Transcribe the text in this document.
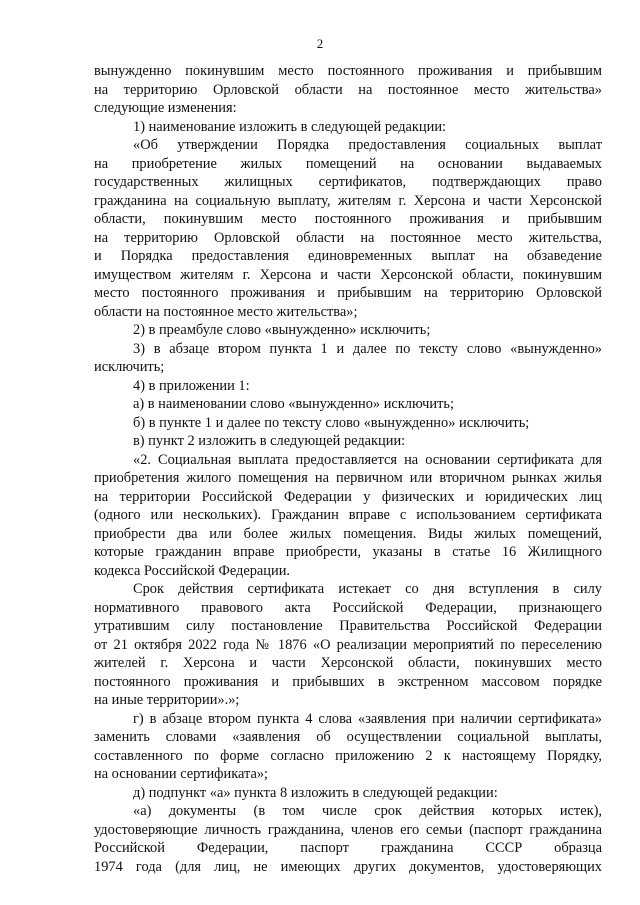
2
вынужденно покинувшим место постоянного проживания и прибывшим
на территорию Орловской области на постоянное место жительства»
следующие изменения:
1) наименование изложить в следующей редакции:
«Об утверждении Порядка предоставления социальных выплат
на приобретение жилых помещений на основании выдаваемых
государственных жилищных сертификатов, подтверждающих право
гражданина на социальную выплату, жителям г. Херсона и части Херсонской
области, покинувшим место постоянного проживания и прибывшим
на территорию Орловской области на постоянное место жительства,
и Порядка предоставления единовременных выплат на обзаведение
имуществом жителям г. Херсона и части Херсонской области, покинувшим
место постоянного проживания и прибывшим на территорию Орловской
области на постоянное место жительства»;
2) в преамбуле слово «вынужденно» исключить;
3) в абзаце втором пункта 1 и далее по тексту слово «вынужденно»
исключить;
4) в приложении 1:
а) в наименовании слово «вынужденно» исключить;
б) в пункте 1 и далее по тексту слово «вынужденно» исключить;
в) пункт 2 изложить в следующей редакции:
«2. Социальная выплата предоставляется на основании сертификата для
приобретения жилого помещения на первичном или вторичном рынках жилья
на территории Российской Федерации у физических и юридических лиц
(одного или нескольких). Гражданин вправе с использованием сертификата
приобрести два или более жилых помещения. Виды жилых помещений,
которые гражданин вправе приобрести, указаны в статье 16 Жилищного
кодекса Российской Федерации.
Срок действия сертификата истекает со дня вступления в силу
нормативного правового акта Российской Федерации, признающего
утратившим силу постановление Правительства Российской Федерации
от 21 октября 2022 года № 1876 «О реализации мероприятий по переселению
жителей г. Херсона и части Херсонской области, покинувших место
постоянного проживания и прибывших в экстренном массовом порядке
на иные территории».»;
г) в абзаце втором пункта 4 слова «заявления при наличии сертификата»
заменить словами «заявления об осуществлении социальной выплаты,
составленного по форме согласно приложению 2 к настоящему Порядку,
на основании сертификата»;
д) подпункт «а» пункта 8 изложить в следующей редакции:
«а) документы (в том числе срок действия которых истек),
удостоверяющие личность гражданина, членов его семьи (паспорт гражданина
Российской Федерации, паспорт гражданина СССР образца
1974 года (для лиц, не имеющих других документов, удостоверяющих
